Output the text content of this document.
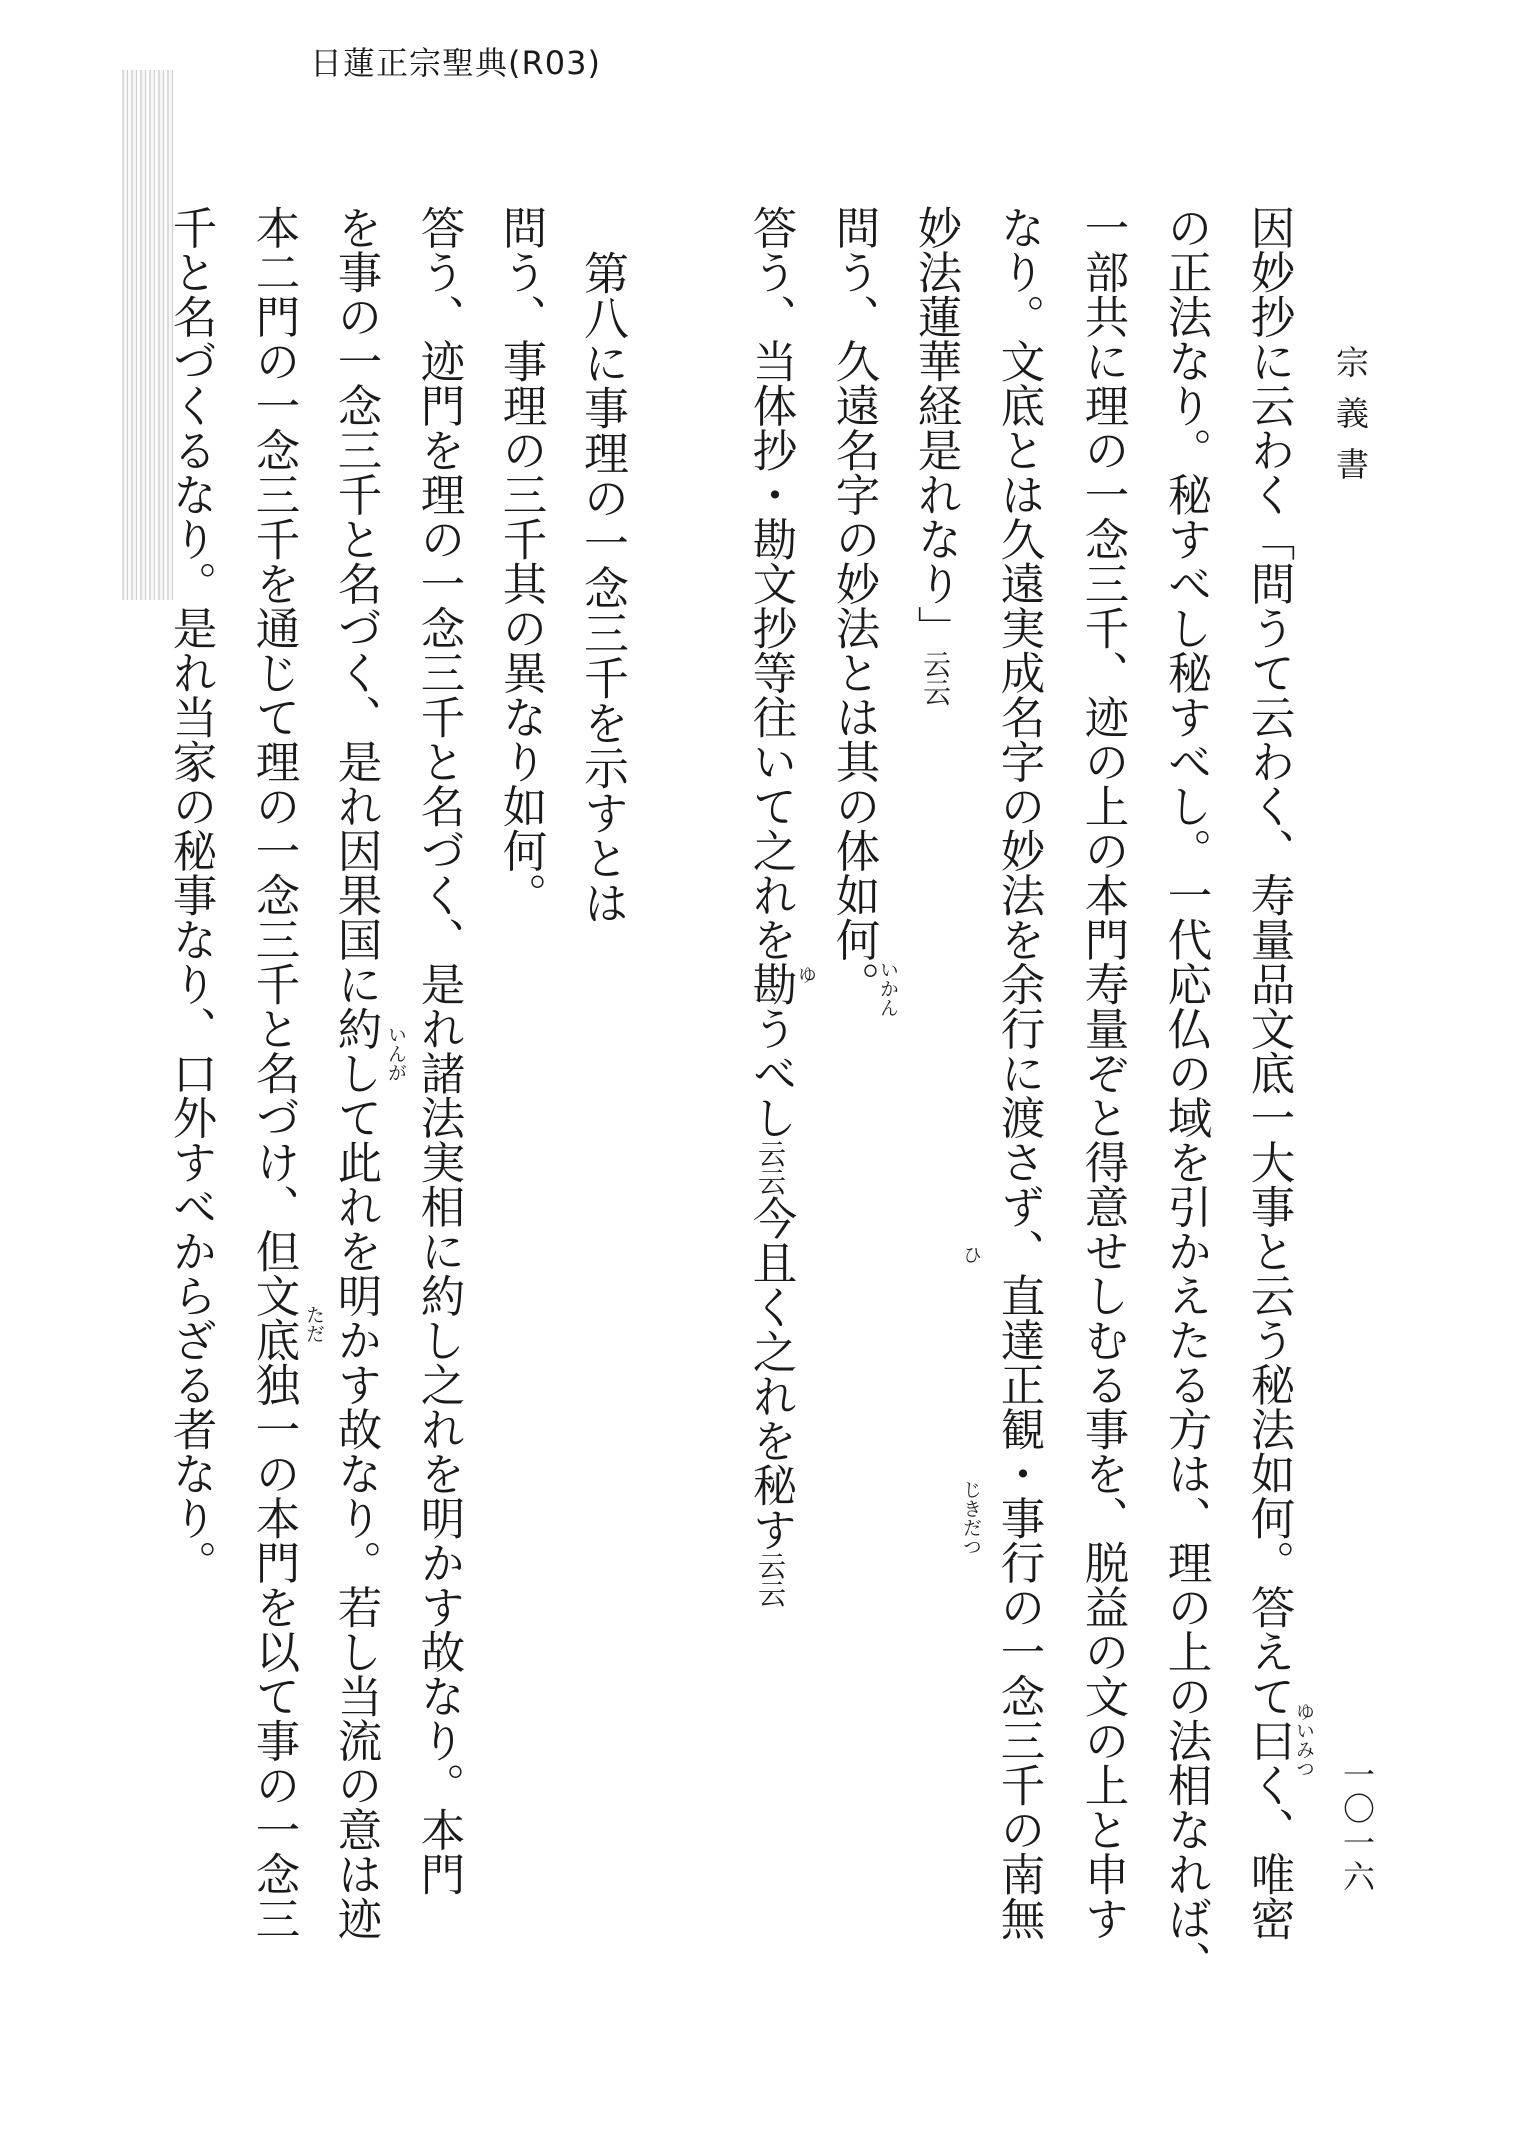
日蓮正宗聖典(R03)
宗義書
一〇一六
因妙抄に云わく「問うて云わく、寿量品文底一大事と云う秘法如何。答えて曰く、唯密
の正法なり。秘すべし秘すべし。一代応仏の域を引かえたる方は、理の上の法相なれば、
一部共に理の一念三千、迹の上の本門寿量ぞと得意せしむる事を、脱益の文の上と申す
なり。文底とは久遠実成名字の妙法を余行に渡さず、直達正観・事行の一念三千の南無
妙法蓮華経是れなり」云云
問う、久遠名字の妙法とは其の体如何。
答う、当体抄・勘文抄等往いて之れを勘うべし云云今且く之れを秘す云云
第八に事理の一念三千を示すとは
問う、事理の三千其の異なり如何。
答う、迹門を理の一念三千と名づく、是れ諸法実相に約し之れを明かす故なり。本門
を事の一念三千と名づく、是れ因果国に約して此れを明かす故なり。若し当流の意は迹
本二門の一念三千を通じて理の一念三千と名づけ、但文底独一の本門を以て事の一念三
千と名づくるなり。是れ当家の秘事なり、口外すべからざる者なり。
ゆいみつ
ひ
じきだつ
いかん
ゆ
いんが
ただ
